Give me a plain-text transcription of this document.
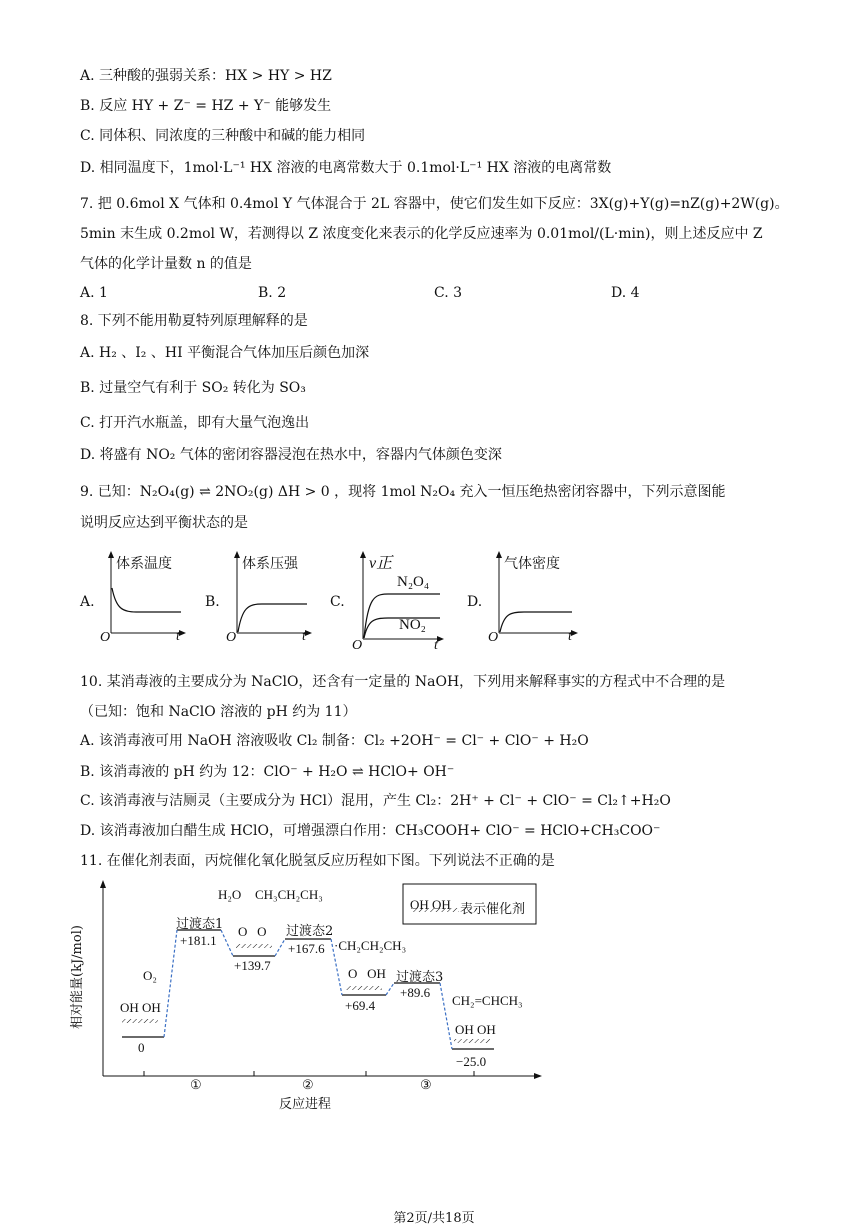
A. 三种酸的强弱关系：HX > HY > HZ
B. 反应 HY + Z⁻ = HZ + Y⁻ 能够发生
C. 同体积、同浓度的三种酸中和碱的能力相同
D. 相同温度下，1mol·L⁻¹ HX 溶液的电离常数大于 0.1mol·L⁻¹ HX 溶液的电离常数
7. 把 0.6mol X 气体和 0.4mol Y 气体混合于 2L 容器中，使它们发生如下反应：3X(g)+Y(g)=nZ(g)+2W(g)。
5min 末生成 0.2mol W，若测得以 Z 浓度变化来表示的化学反应速率为 0.01mol/(L·min)，则上述反应中 Z
气体的化学计量数 n 的值是
A. 1	B. 2	C. 3	D. 4
8. 下列不能用勒夏特列原理解释的是
A. H₂ 、I₂ 、HI 平衡混合气体加压后颜色加深
B. 过量空气有利于 SO₂ 转化为 SO₃
C. 打开汽水瓶盖，即有大量气泡逸出
D. 将盛有 NO₂ 气体的密闭容器浸泡在热水中，容器内气体颜色变深
9. 已知：N₂O₄(g) ⇌ 2NO₂(g) ΔH > 0 ，现将 1mol N₂O₄ 充入一恒压绝热密闭容器中，下列示意图能
说明反应达到平衡状态的是
A.
体系温度
O	t
B.
体系压强
O	t
C.
v正
N₂O₄
NO₂
O	t
D.
气体密度
O	t
10. 某消毒液的主要成分为 NaClO，还含有一定量的 NaOH，下列用来解释事实的方程式中不合理的是
（已知：饱和 NaClO 溶液的 pH 约为 11）
A. 该消毒液可用 NaOH 溶液吸收 Cl₂ 制备：Cl₂ +2OH⁻ = Cl⁻ + ClO⁻ + H₂O
B. 该消毒液的 pH 约为 12：ClO⁻ + H₂O ⇌ HClO+ OH⁻
C. 该消毒液与洁厕灵（主要成分为 HCl）混用，产生 Cl₂：2H⁺ + Cl⁻ + ClO⁻ = Cl₂↑+H₂O
D. 该消毒液加白醋生成 HClO，可增强漂白作用：CH₃COOH+ ClO⁻ = HClO+CH₃COO⁻
11. 在催化剂表面，丙烷催化氧化脱氢反应历程如下图。下列说法不正确的是
相对能量(kJ/mol)
反应进程
①	②	③
OH OH 表示催化剂
O₂
OH OH
0
过渡态1
+181.1
H₂O CH₃CH₂CH₃
O   O
+139.7
过渡态2
+167.6 ·CH₂CH₂CH₃
O   OH
+69.4
过渡态3
+89.6
CH₂=CHCH₃
OH OH
−25.0
第2页/共18页
